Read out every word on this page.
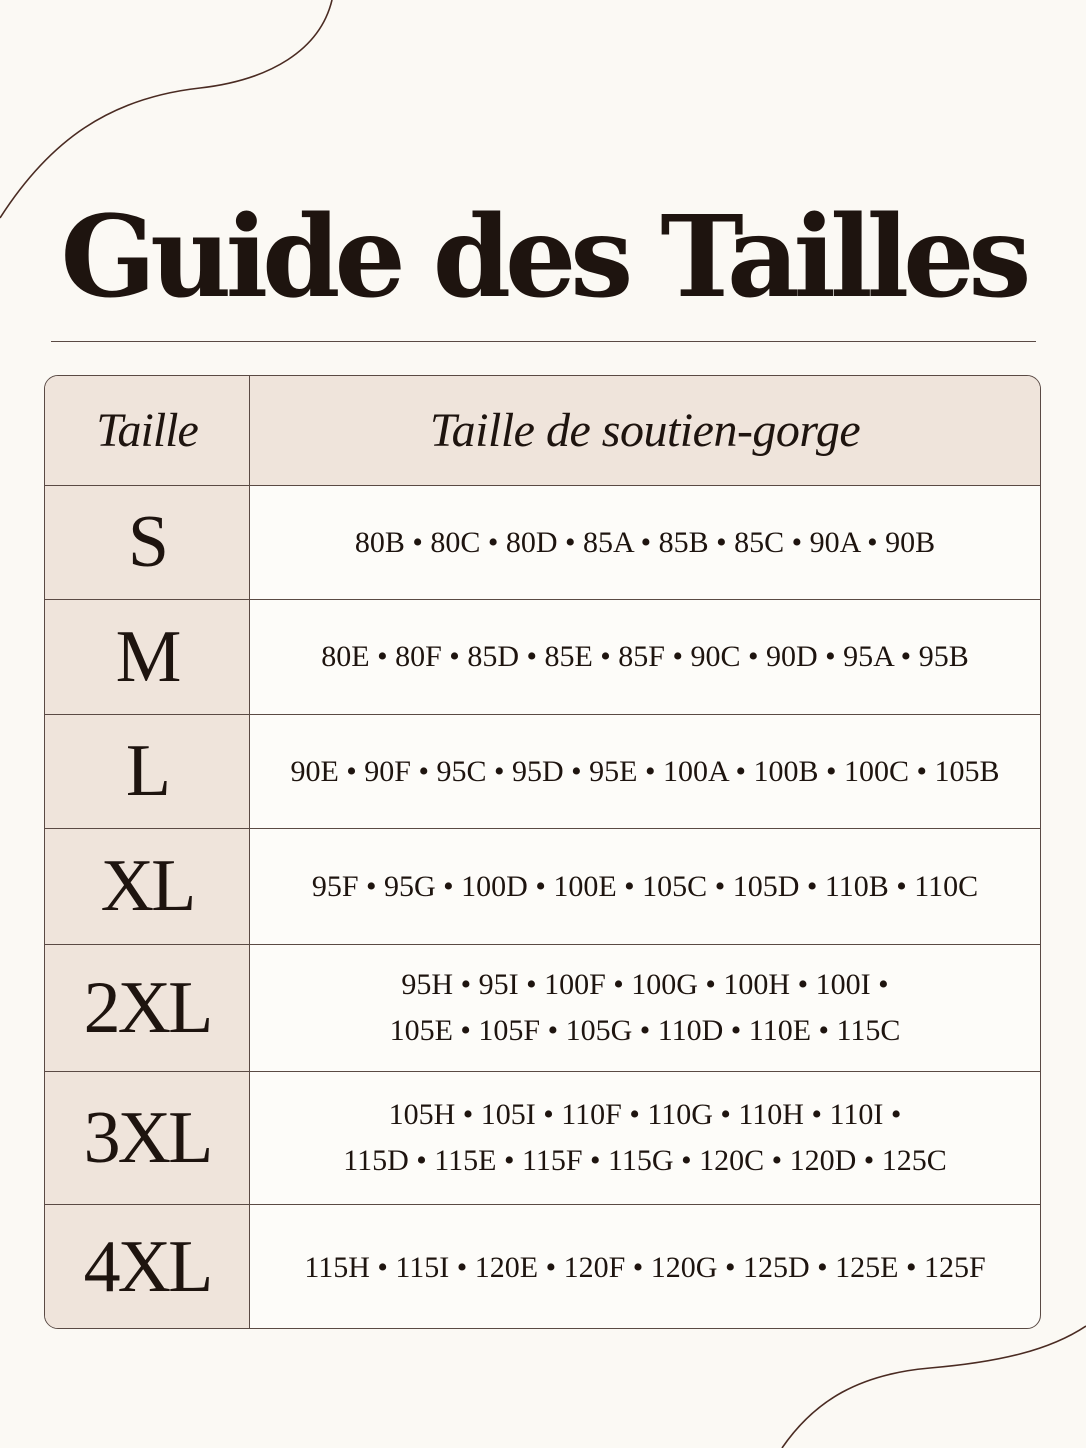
Guide des Tailles
Taille	Taille de soutien-gorge
S	80B • 80C • 80D • 85A • 85B • 85C • 90A • 90B
M	80E • 80F • 85D • 85E • 85F • 90C • 90D • 95A • 95B
L	90E • 90F • 95C • 95D • 95E • 100A • 100B • 100C • 105B
XL	95F • 95G • 100D • 100E • 105C • 105D • 110B • 110C
2XL	95H • 95I • 100F • 100G • 100H • 100I •
105E • 105F • 105G • 110D • 110E • 115C
3XL	105H • 105I • 110F • 110G • 110H • 110I •
115D • 115E • 115F • 115G • 120C • 120D • 125C
4XL	115H • 115I • 120E • 120F • 120G • 125D • 125E • 125F
